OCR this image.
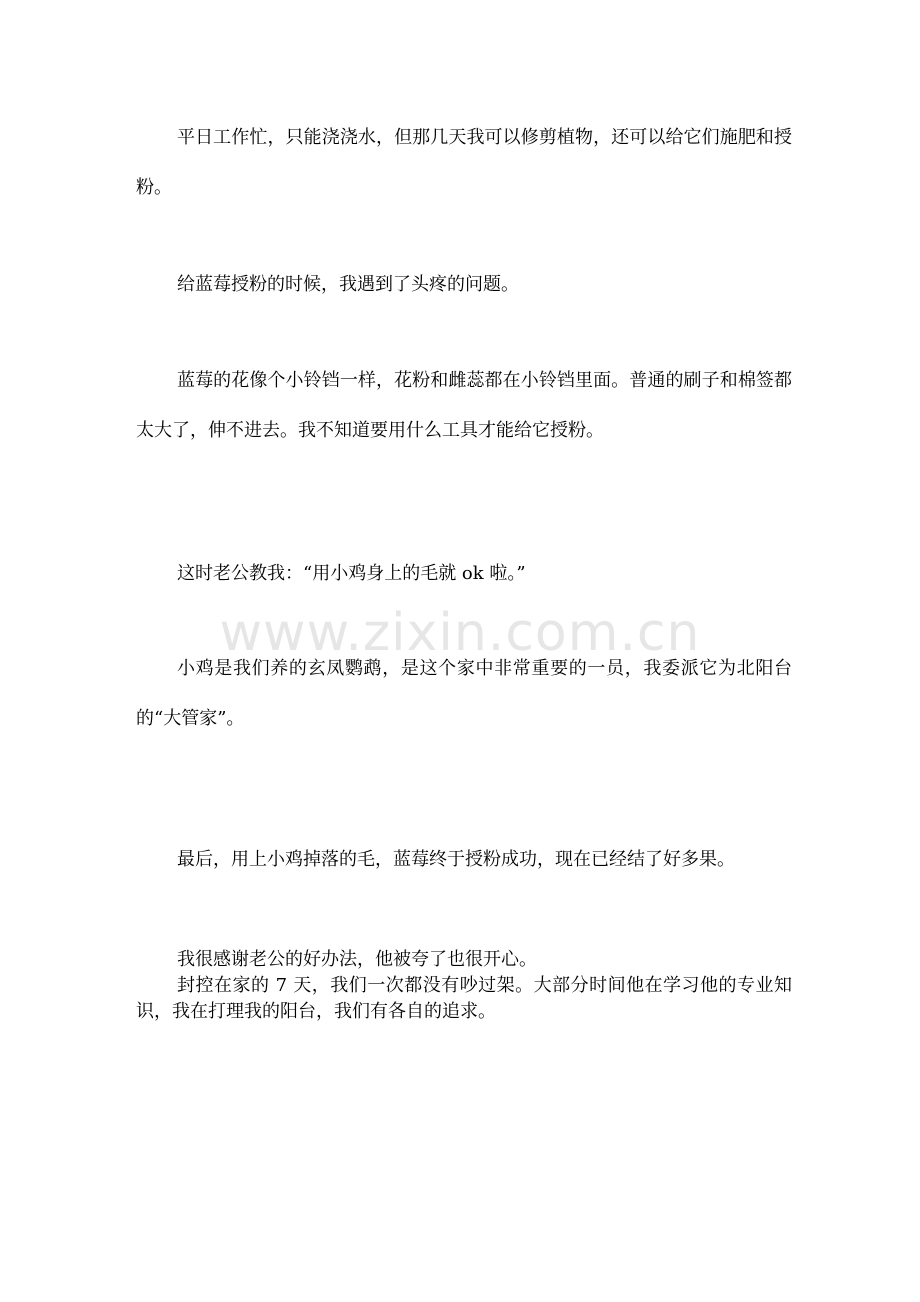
平日工作忙，只能浇浇水，但那几天我可以修剪植物，还可以给它们施肥和授粉。

给蓝莓授粉的时候，我遇到了头疼的问题。

蓝莓的花像个小铃铛一样，花粉和雌蕊都在小铃铛里面。普通的刷子和棉签都太大了，伸不进去。我不知道要用什么工具才能给它授粉。

这时老公教我：“用小鸡身上的毛就 ok 啦。”

www.zixin.com.cn

小鸡是我们养的玄凤鹦鹉，是这个家中非常重要的一员，我委派它为北阳台的“大管家”。

最后，用上小鸡掉落的毛，蓝莓终于授粉成功，现在已经结了好多果。

我很感谢老公的好办法，他被夸了也很开心。

封控在家的 7 天，我们一次都没有吵过架。大部分时间他在学习他的专业知识，我在打理我的阳台，我们有各自的追求。
